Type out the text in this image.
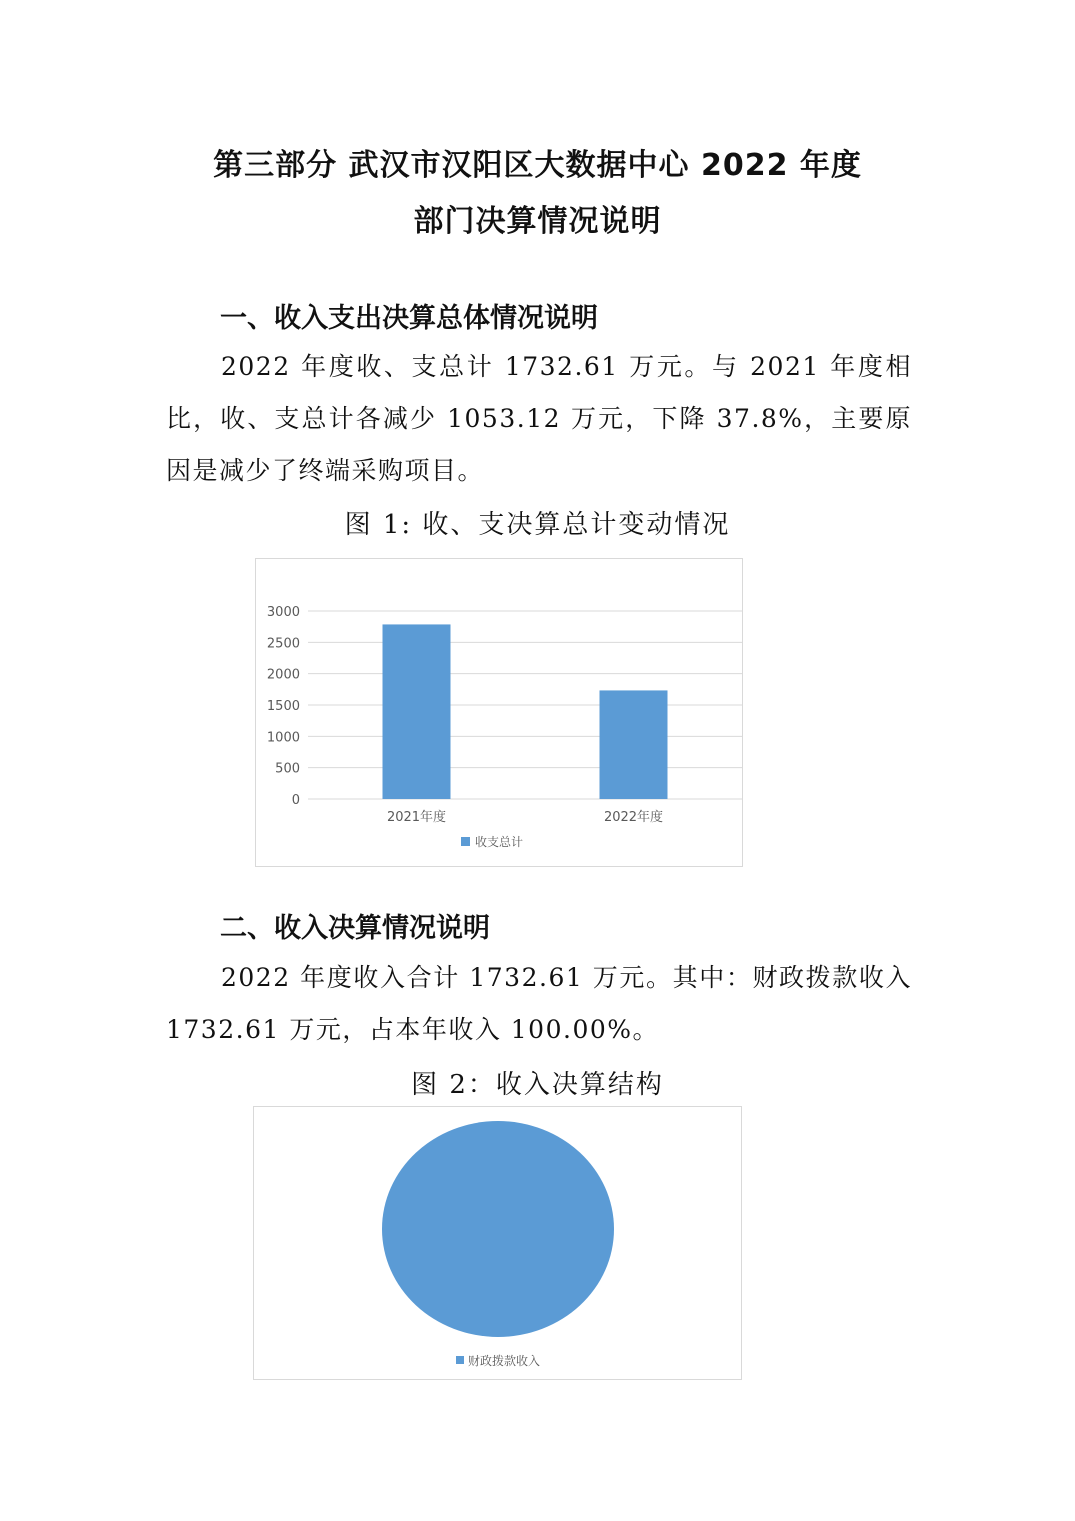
第三部分 武汉市汉阳区大数据中心 2022 年度
部门决算情况说明
一、收入支出决算总体情况说明
2022 年度收、支总计 1732.61 万元。与 2021 年度相比，收、支总计各减少 1053.12 万元，下降 37.8%，主要原因是减少了终端采购项目。
图 1: 收、支决算总计变动情况
0
500
1000
1500
2000
2500
3000
2021年度	2022年度
收支总计
二、收入决算情况说明
2022 年度收入合计 1732.61 万元。其中：财政拨款收入 1732.61 万元，占本年收入 100.00%。
图 2：收入决算结构
财政拨款收入
